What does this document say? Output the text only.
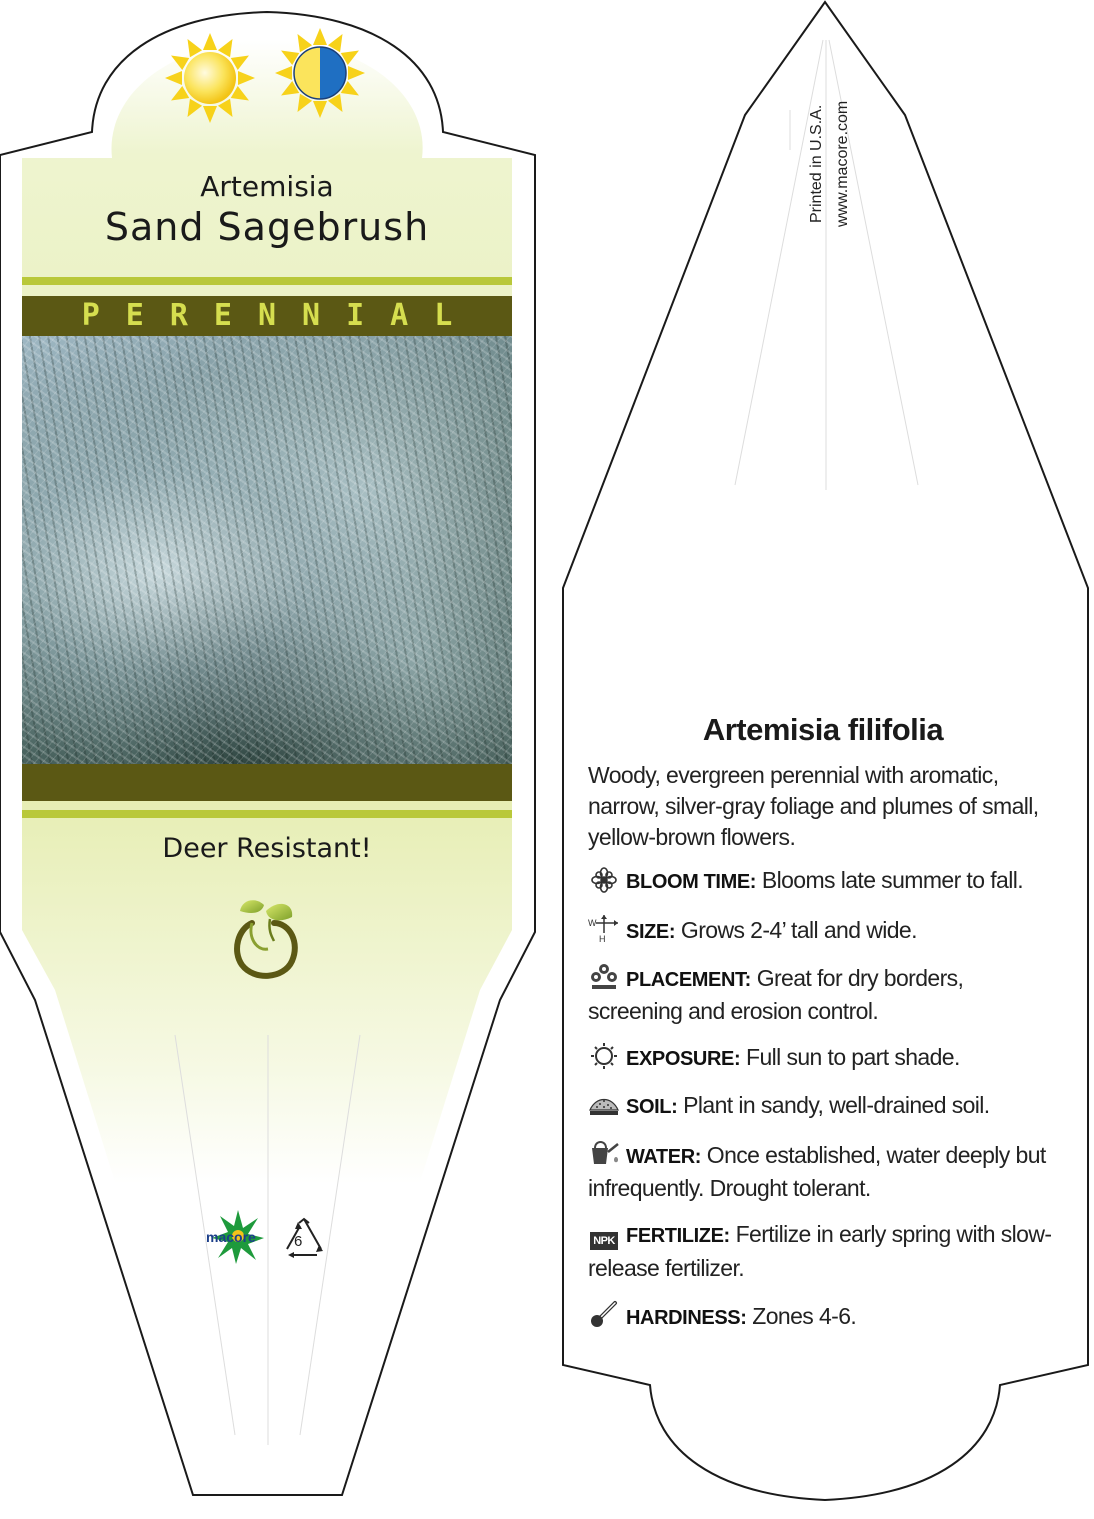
Artemisia
Sand Sagebrush
PERENNIAL
Deer Resistant!
macore	6
Printed in U.S.A. www.macore.com
Artemisia filifolia
Woody, evergreen perennial with aromatic, narrow, silver-gray foliage and plumes of small, yellow-brown flowers.
BLOOM TIME: Blooms late summer to fall.
W
H SIZE: Grows 2-4’ tall and wide.
PLACEMENT: Great for dry borders, screening and erosion control.
EXPOSURE: Full sun to part shade.
SOIL: Plant in sandy, well-drained soil.
WATER: Once established, water deeply but infrequently. Drought tolerant.
NPK FERTILIZE: Fertilize in early spring with slow-release fertilizer.
HARDINESS: Zones 4-6.
